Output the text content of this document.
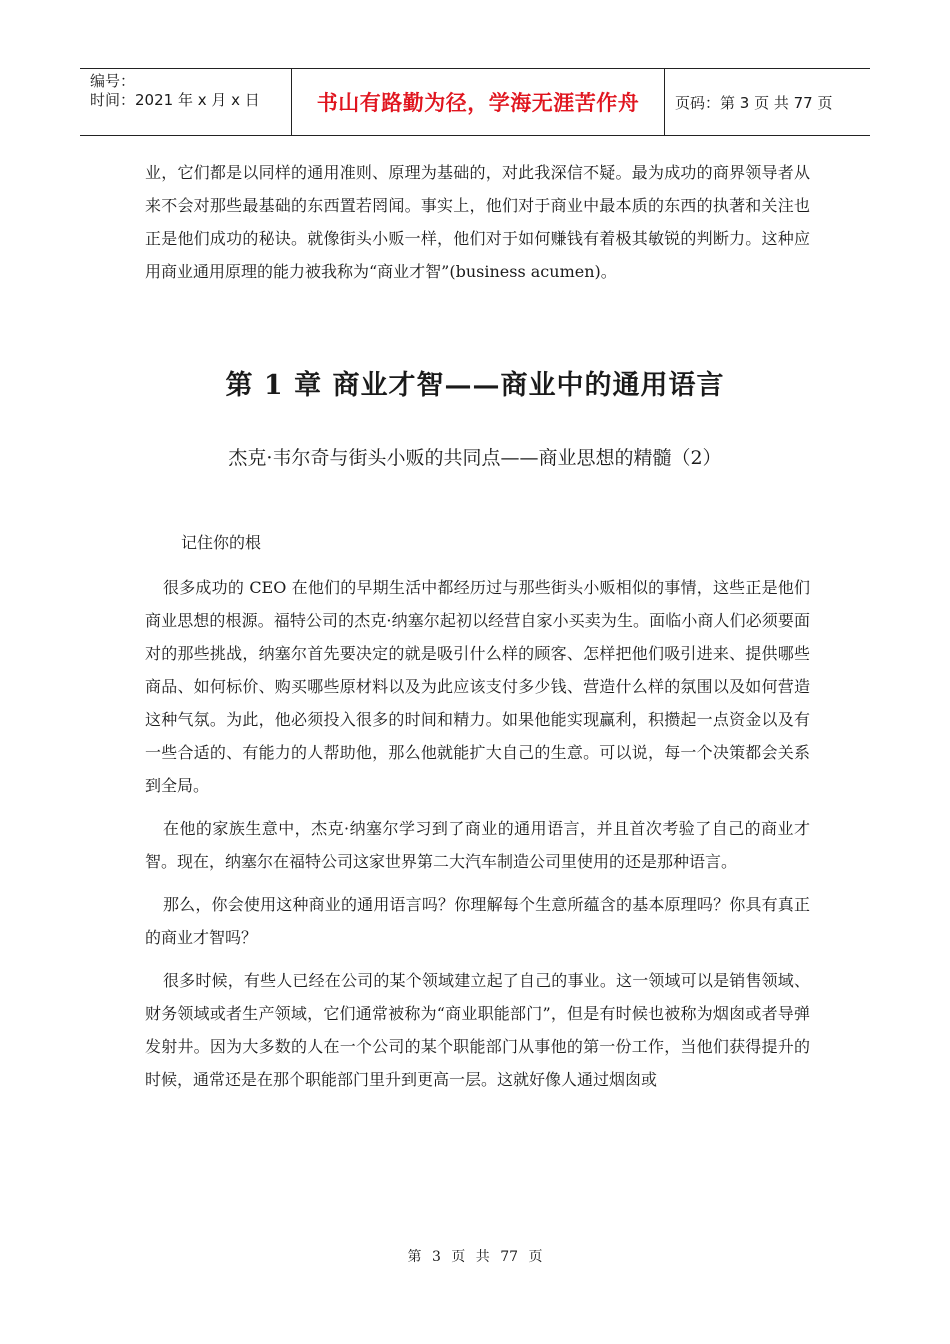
编号：
时间：2021 年 x 月 x 日	书山有路勤为径，学海无涯苦作舟	页码：第 3 页 共 77 页

业，它们都是以同样的通用准则、原理为基础的，对此我深信不疑。最为成功的商界领导者从来不会对那些最基础的东西置若罔闻。事实上，他们对于商业中最本质的东西的执著和关注也正是他们成功的秘诀。就像街头小贩一样，他们对于如何赚钱有着极其敏锐的判断力。这种应用商业通用原理的能力被我称为“商业才智”(business acumen)。

第 1 章 商业才智——商业中的通用语言
杰克·韦尔奇与街头小贩的共同点——商业思想的精髓（2）

记住你的根

很多成功的 CEO 在他们的早期生活中都经历过与那些街头小贩相似的事情，这些正是他们商业思想的根源。福特公司的杰克·纳塞尔起初以经营自家小买卖为生。面临小商人们必须要面对的那些挑战，纳塞尔首先要决定的就是吸引什么样的顾客、怎样把他们吸引进来、提供哪些商品、如何标价、购买哪些原材料以及为此应该支付多少钱、营造什么样的氛围以及如何营造这种气氛。为此，他必须投入很多的时间和精力。如果他能实现赢利，积攒起一点资金以及有一些合适的、有能力的人帮助他，那么他就能扩大自己的生意。可以说，每一个决策都会关系到全局。

在他的家族生意中，杰克·纳塞尔学习到了商业的通用语言，并且首次考验了自己的商业才智。现在，纳塞尔在福特公司这家世界第二大汽车制造公司里使用的还是那种语言。

那么，你会使用这种商业的通用语言吗？你理解每个生意所蕴含的基本原理吗？你具有真正的商业才智吗？

很多时候，有些人已经在公司的某个领域建立起了自己的事业。这一领域可以是销售领域、财务领域或者生产领域，它们通常被称为“商业职能部门”，但是有时候也被称为烟囱或者导弹发射井。因为大多数的人在一个公司的某个职能部门从事他的第一份工作，当他们获得提升的时候，通常还是在那个职能部门里升到更高一层。这就好像人通过烟囱或

第 3 页 共 77 页
